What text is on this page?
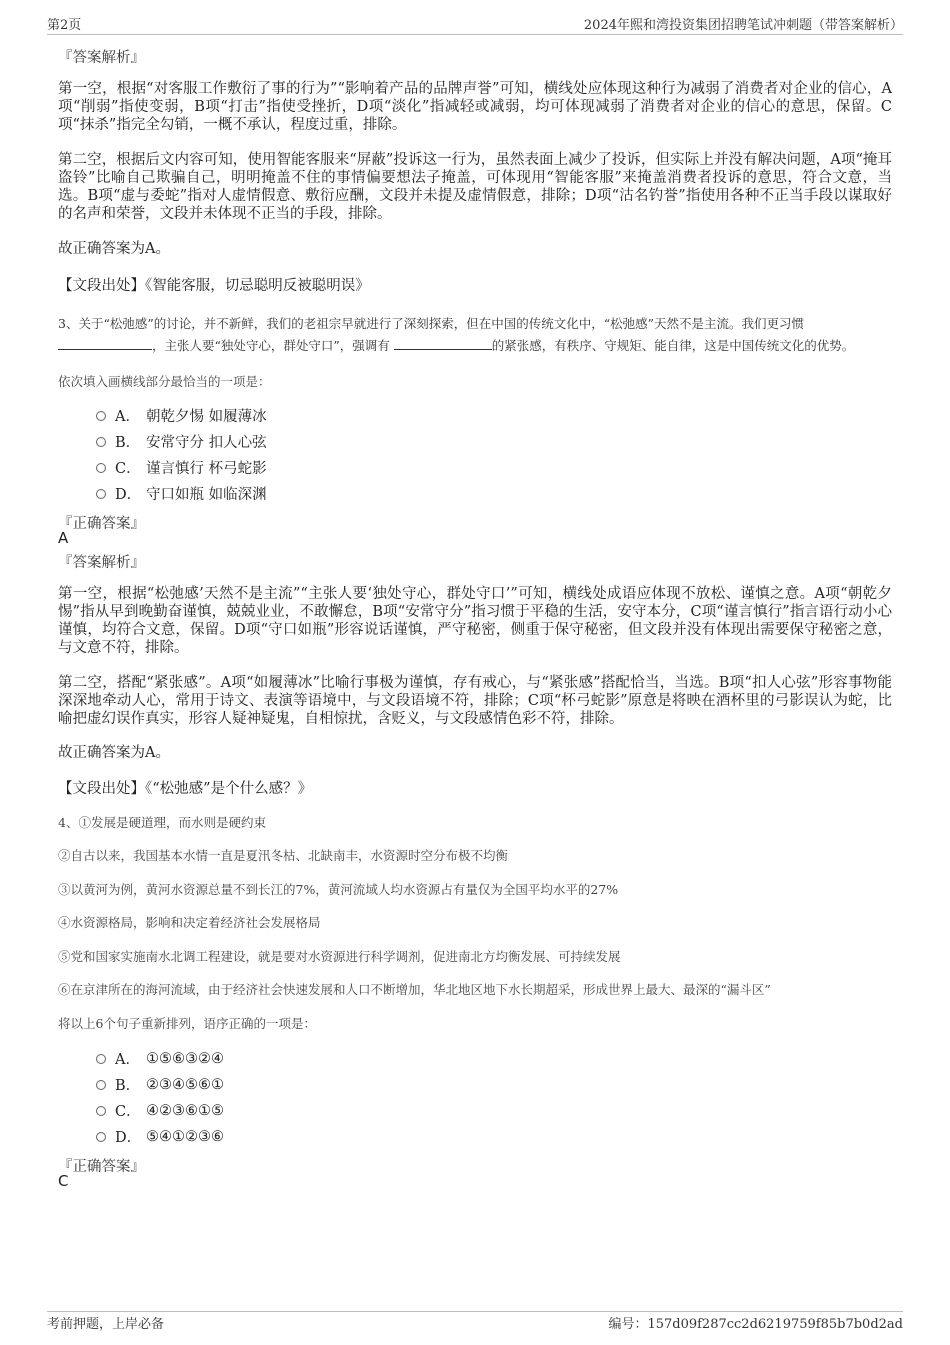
第2页	2024年熙和湾投资集团招聘笔试冲刺题（带答案解析）
『答案解析』
第一空，根据“对客服工作敷衍了事的行为”“影响着产品的品牌声誉”可知，横线处应体现这种行为减弱了消费者对企业的信心，A项“削弱”指使变弱，B项“打击”指使受挫折，D项“淡化”指减轻或减弱，均可体现减弱了消费者对企业的信心的意思，保留。C项“抹杀”指完全勾销，一概不承认，程度过重，排除。
第二空，根据后文内容可知，使用智能客服来“屏蔽”投诉这一行为，虽然表面上减少了投诉，但实际上并没有解决问题，A项“掩耳盗铃”比喻自己欺骗自己，明明掩盖不住的事情偏要想法子掩盖，可体现用“智能客服”来掩盖消费者投诉的意思，符合文意，当选。B项“虚与委蛇”指对人虚情假意、敷衍应酬，文段并未提及虚情假意，排除；D项“沽名钓誉”指使用各种不正当手段以谋取好的名声和荣誉，文段并未体现不正当的手段，排除。
故正确答案为A。
【文段出处】《智能客服，切忌聪明反被聪明误》
3、关于“松弛感”的讨论，并不新鲜，我们的老祖宗早就进行了深刻探索，但在中国的传统文化中，“松弛感”天然不是主流。我们更习惯
，主张人要“独处守心，群处守口”，强调有	的紧张感，有秩序、守规矩、能自律，这是中国传统文化的优势。
依次填入画横线部分最恰当的一项是：
A． 朝乾夕惕 如履薄冰
B． 安常守分 扣人心弦
C． 谨言慎行 杯弓蛇影
D． 守口如瓶 如临深渊
『正确答案』
A
『答案解析』
第一空，根据“松弛感’天然不是主流”“主张人要‘独处守心，群处守口’”可知，横线处成语应体现不放松、谨慎之意。A项“朝乾夕惕”指从早到晚勤奋谨慎，兢兢业业，不敢懈怠，B项“安常守分”指习惯于平稳的生活，安守本分，C项“谨言慎行”指言语行动小心谨慎，均符合文意，保留。D项“守口如瓶”形容说话谨慎，严守秘密，侧重于保守秘密，但文段并没有体现出需要保守秘密之意，与文意不符，排除。
第二空，搭配“紧张感”。A项“如履薄冰”比喻行事极为谨慎，存有戒心，与“紧张感”搭配恰当，当选。B项“扣人心弦”形容事物能深深地牵动人心，常用于诗文、表演等语境中，与文段语境不符，排除；C项“杯弓蛇影”原意是将映在酒杯里的弓影误认为蛇，比喻把虚幻误作真实，形容人疑神疑鬼，自相惊扰，含贬义，与文段感情色彩不符，排除。
故正确答案为A。
【文段出处】《“松弛感”是个什么感？》
4、①发展是硬道理，而水则是硬约束
②自古以来，我国基本水情一直是夏汛冬枯、北缺南丰，水资源时空分布极不均衡
③以黄河为例，黄河水资源总量不到长江的7%，黄河流域人均水资源占有量仅为全国平均水平的27%
④水资源格局，影响和决定着经济社会发展格局
⑤党和国家实施南水北调工程建设，就是要对水资源进行科学调剂，促进南北方均衡发展、可持续发展
⑥在京津所在的海河流域，由于经济社会快速发展和人口不断增加，华北地区地下水长期超采，形成世界上最大、最深的“漏斗区”
将以上6个句子重新排列，语序正确的一项是：
A． ①⑤⑥③②④
B． ②③④⑤⑥①
C． ④②③⑥①⑤
D． ⑤④①②③⑥
『正确答案』
C
考前押题，上岸必备	编号：157d09f287cc2d6219759f85b7b0d2ad
